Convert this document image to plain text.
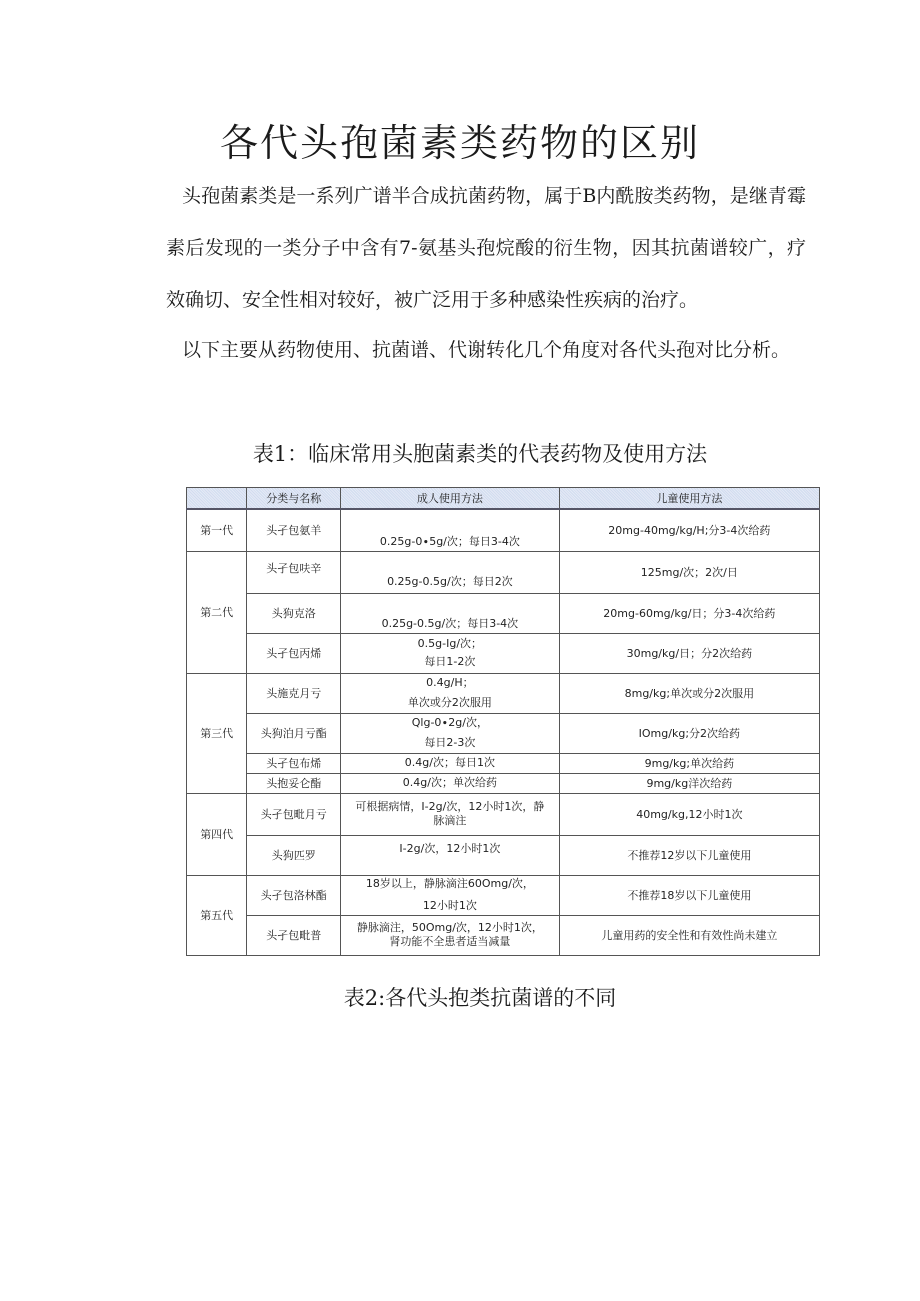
各代头孢菌素类药物的区别

头孢菌素类是一系列广谱半合成抗菌药物，属于B内酰胺类药物，是继青霉素后发现的一类分子中含有7-氨基头孢烷酸的衍生物，因其抗菌谱较广，疗效确切、安全性相对较好，被广泛用于多种感染性疾病的治疗。

以下主要从药物使用、抗菌谱、代谢转化几个角度对各代头孢对比分析。

表1：临床常用头胞菌素类的代表药物及使用方法

	分类与名称	成人使用方法	儿童使用方法
第一代	头孑包氨羊	0.25g-0∙5g/次；每日3-4次	20mg-40mg∕kg∕H;分3-4次给药
第二代	头孑包呋辛	0.25g-0.5g/次；每日2次	125mg/次；2次/日
	头狗克洛	0.25g-0.5g/次；每日3-4次	20mg-60mg∕kg∕日；分3-4次给药
	头孑包丙烯	0.5g-Ig/次；
每日1-2次	30mg∕kg∕日；分2次给药
第三代	头施克月亏	0.4g∕H；
单次或分2次服用	8mg∕kg;单次或分2次服用
	头狗泊月亏酯	Qlg-0∙2g/次，
每日2-3次	IOmg∕kg;分2次给药
	头孑包布烯	0.4g/次；每日1次	9mg∕kg;单次给药
	头抱妥仑酯	0.4g/次；单次给药	9mg∕kg洋次给药
第四代	头孑包毗月亏	可根据病情，I-2g/次，12小时1次，静脉滴注	40mg∕kg,12小时1次
	头狗匹罗	I-2g/次，12小时1次	不推荐12岁以下儿童使用
第五代	头孑包洛林酯	18岁以上，静脉滴注60Omg/次，
12小时1次	不推荐18岁以下儿童使用
	头孑包毗普	静脉滴注，50Omg/次，12小时1次，肾功能不全患者适当减量	儿童用药的安全性和有效性尚未建立

表2:各代头抱类抗菌谱的不同
